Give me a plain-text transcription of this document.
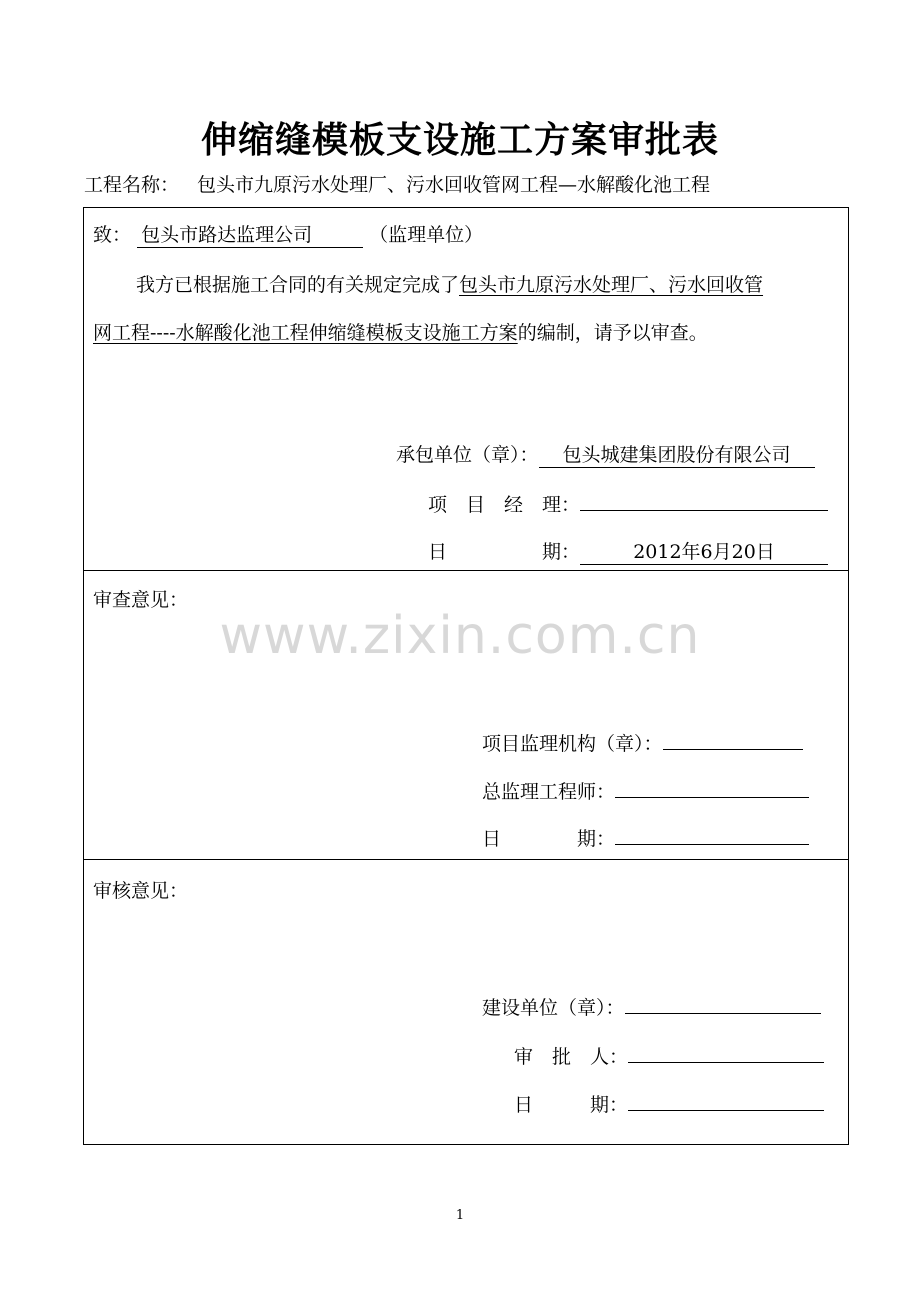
伸缩缝模板支设施工方案审批表
工程名称： 包头市九原污水处理厂、污水回收管网工程—水解酸化池工程
致： 包头市路达监理公司	（监理单位）
我方已根据施工合同的有关规定完成了包头市九原污水处理厂、污水回收管
网工程----水解酸化池工程伸缩缝模板支设施工方案的编制，请予以审查。
承包单位（章）： 包头城建集团股份有限公司
项　目　经　理：
日　　　　　期：	2012年6月20日
审查意见：
项目监理机构（章）：
总监理工程师：
日　　　　期：
审核意见：
建设单位（章）：
审　批　人：
日　　　期：
www.zixin.com.cn
1
